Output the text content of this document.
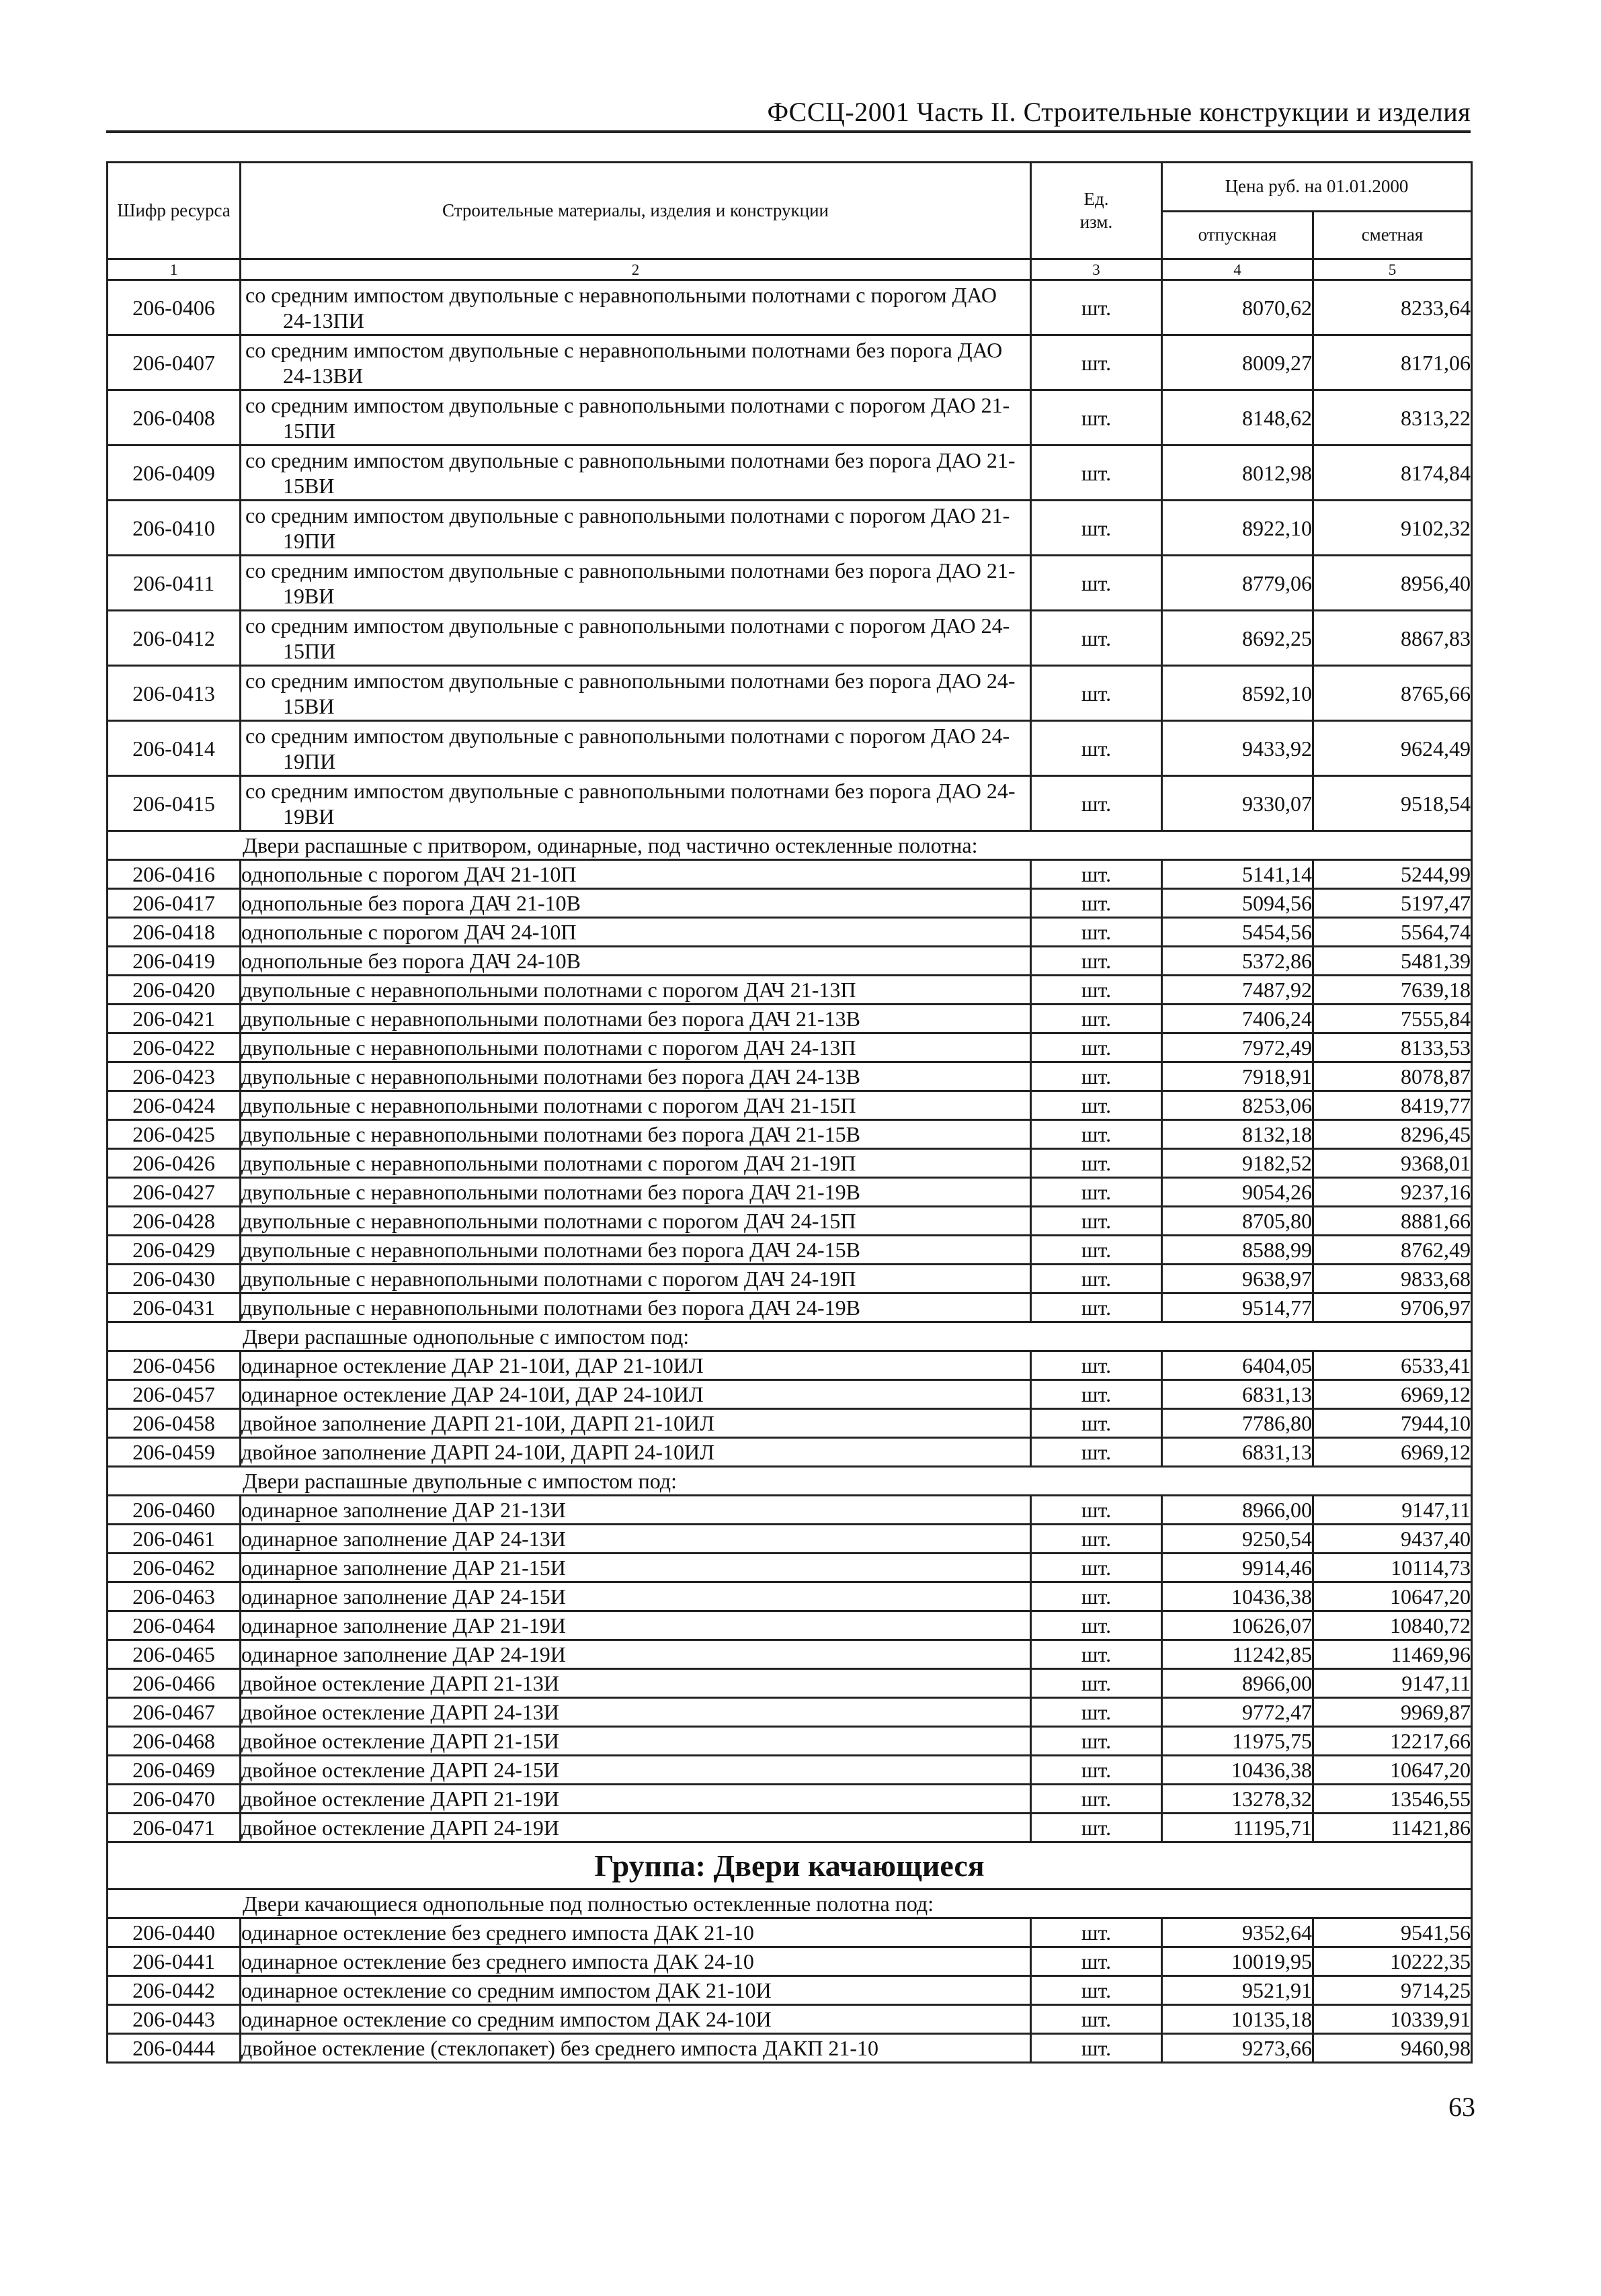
ФССЦ-2001 Часть II. Строительные конструкции и изделия
Шифр ресурса	Строительные материалы, изделия и конструкции	Ед. изм.	Цена руб. на 01.01.2000	
			отпускная	сметная
1	2	3	4	5
206-0406	со средним импостом двупольные с неравнопольными полотнами с порогом ДАО 24-13ПИ	шт.	8070,62	8233,64
206-0407	со средним импостом двупольные с неравнопольными полотнами без порога ДАО 24-13ВИ	шт.	8009,27	8171,06
206-0408	со средним импостом двупольные с равнопольными полотнами с порогом ДАО 21-15ПИ	шт.	8148,62	8313,22
206-0409	со средним импостом двупольные с равнопольными полотнами без порога ДАО 21-15ВИ	шт.	8012,98	8174,84
206-0410	со средним импостом двупольные с равнопольными полотнами с порогом ДАО 21-19ПИ	шт.	8922,10	9102,32
206-0411	со средним импостом двупольные с равнопольными полотнами без порога ДАО 21-19ВИ	шт.	8779,06	8956,40
206-0412	со средним импостом двупольные с равнопольными полотнами с порогом ДАО 24-15ПИ	шт.	8692,25	8867,83
206-0413	со средним импостом двупольные с равнопольными полотнами без порога ДАО 24-15ВИ	шт.	8592,10	8765,66
206-0414	со средним импостом двупольные с равнопольными полотнами с порогом ДАО 24-19ПИ	шт.	9433,92	9624,49
206-0415	со средним импостом двупольные с равнопольными полотнами без порога ДАО 24-19ВИ	шт.	9330,07	9518,54
Двери распашные с притвором, одинарные, под частично остекленные полотна:				
206-0416	однопольные с порогом ДАЧ 21-10П	шт.	5141,14	5244,99
206-0417	однопольные без порога ДАЧ 21-10В	шт.	5094,56	5197,47
206-0418	однопольные с порогом ДАЧ 24-10П	шт.	5454,56	5564,74
206-0419	однопольные без порога ДАЧ 24-10В	шт.	5372,86	5481,39
206-0420	двупольные с неравнопольными полотнами с порогом ДАЧ 21-13П	шт.	7487,92	7639,18
206-0421	двупольные с неравнопольными полотнами без порога ДАЧ 21-13В	шт.	7406,24	7555,84
206-0422	двупольные с неравнопольными полотнами с порогом ДАЧ 24-13П	шт.	7972,49	8133,53
206-0423	двупольные с неравнопольными полотнами без порога ДАЧ 24-13В	шт.	7918,91	8078,87
206-0424	двупольные с неравнопольными полотнами с порогом ДАЧ 21-15П	шт.	8253,06	8419,77
206-0425	двупольные с неравнопольными полотнами без порога ДАЧ 21-15В	шт.	8132,18	8296,45
206-0426	двупольные с неравнопольными полотнами с порогом ДАЧ 21-19П	шт.	9182,52	9368,01
206-0427	двупольные с неравнопольными полотнами без порога ДАЧ 21-19В	шт.	9054,26	9237,16
206-0428	двупольные с неравнопольными полотнами с порогом ДАЧ 24-15П	шт.	8705,80	8881,66
206-0429	двупольные с неравнопольными полотнами без порога ДАЧ 24-15В	шт.	8588,99	8762,49
206-0430	двупольные с неравнопольными полотнами с порогом ДАЧ 24-19П	шт.	9638,97	9833,68
206-0431	двупольные с неравнопольными полотнами без порога ДАЧ 24-19В	шт.	9514,77	9706,97
Двери распашные однопольные с импостом под:				
206-0456	одинарное остекление ДАР 21-10И, ДАР 21-10ИЛ	шт.	6404,05	6533,41
206-0457	одинарное остекление ДАР 24-10И, ДАР 24-10ИЛ	шт.	6831,13	6969,12
206-0458	двойное заполнение ДАРП 21-10И, ДАРП 21-10ИЛ	шт.	7786,80	7944,10
206-0459	двойное заполнение ДАРП 24-10И, ДАРП 24-10ИЛ	шт.	6831,13	6969,12
Двери распашные двупольные с импостом под:				
206-0460	одинарное заполнение ДАР 21-13И	шт.	8966,00	9147,11
206-0461	одинарное заполнение ДАР 24-13И	шт.	9250,54	9437,40
206-0462	одинарное заполнение ДАР 21-15И	шт.	9914,46	10114,73
206-0463	одинарное заполнение ДАР 24-15И	шт.	10436,38	10647,20
206-0464	одинарное заполнение ДАР 21-19И	шт.	10626,07	10840,72
206-0465	одинарное заполнение ДАР 24-19И	шт.	11242,85	11469,96
206-0466	двойное остекление ДАРП 21-13И	шт.	8966,00	9147,11
206-0467	двойное остекление ДАРП 24-13И	шт.	9772,47	9969,87
206-0468	двойное остекление ДАРП 21-15И	шт.	11975,75	12217,66
206-0469	двойное остекление ДАРП 24-15И	шт.	10436,38	10647,20
206-0470	двойное остекление ДАРП 21-19И	шт.	13278,32	13546,55
206-0471	двойное остекление ДАРП 24-19И	шт.	11195,71	11421,86
Группа: Двери качающиеся				
Двери качающиеся однопольные под полностью остекленные полотна под:				
206-0440	одинарное остекление без среднего импоста ДАК 21-10	шт.	9352,64	9541,56
206-0441	одинарное остекление без среднего импоста ДАК 24-10	шт.	10019,95	10222,35
206-0442	одинарное остекление со средним импостом ДАК 21-10И	шт.	9521,91	9714,25
206-0443	одинарное остекление со средним импостом ДАК 24-10И	шт.	10135,18	10339,91
206-0444	двойное остекление (стеклопакет) без среднего импоста ДАКП 21-10	шт.	9273,66	9460,98
63
